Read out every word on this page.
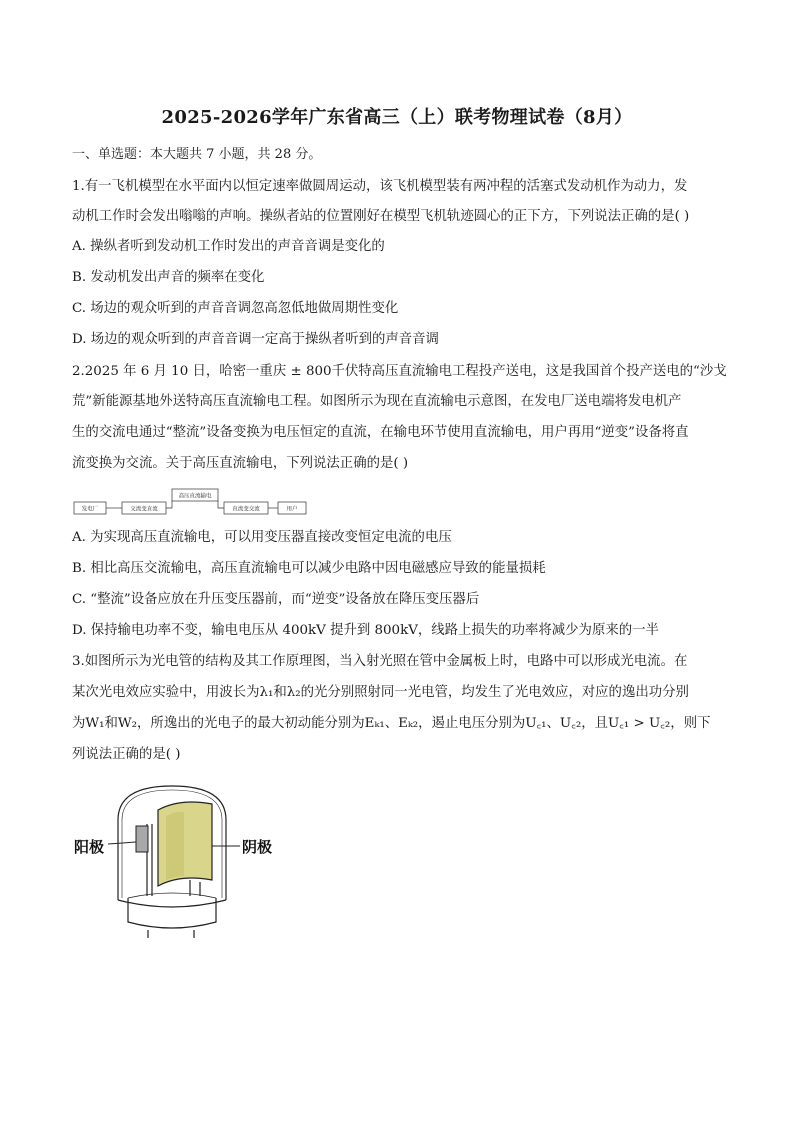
2025-2026学年广东省高三（上）联考物理试卷（8月）
一、单选题：本大题共 7 小题，共 28 分。
1.有一飞机模型在水平面内以恒定速率做圆周运动，该飞机模型装有两冲程的活塞式发动机作为动力，发
动机工作时会发出嗡嗡的声响。操纵者站的位置刚好在模型飞机轨迹圆心的正下方，下列说法正确的是( )
A. 操纵者听到发动机工作时发出的声音音调是变化的
B. 发动机发出声音的频率在变化
C. 场边的观众听到的声音音调忽高忽低地做周期性变化
D. 场边的观众听到的声音音调一定高于操纵者听到的声音音调
2.2025 年 6 月 10 日，哈密一重庆 ± 800千伏特高压直流输电工程投产送电，这是我国首个投产送电的“沙戈
荒”新能源基地外送特高压直流输电工程。如图所示为现在直流输电示意图，在发电厂送电端将发电机产
生的交流电通过“整流”设备变换为电压恒定的直流，在输电环节使用直流输电，用户再用“逆变”设备将直
流变换为交流。关于高压直流输电，下列说法正确的是( )
发电厂	交流变直流
高压直流输电
直流变交流	用户
A. 为实现高压直流输电，可以用变压器直接改变恒定电流的电压
B. 相比高压交流输电，高压直流输电可以减少电路中因电磁感应导致的能量损耗
C. “整流”设备应放在升压变压器前，而“逆变”设备放在降压变压器后
D. 保持输电功率不变，输电电压从 400kV 提升到 800kV，线路上损失的功率将减少为原来的一半
3.如图所示为光电管的结构及其工作原理图，当入射光照在管中金属板上时，电路中可以形成光电流。在
某次光电效应实验中，用波长为λ₁和λ₂的光分别照射同一光电管，均发生了光电效应，对应的逸出功分别
为W₁和W₂，所逸出的光电子的最大初动能分别为Eₖ₁、Eₖ₂，遏止电压分别为U꜀₁、U꜀₂，且U꜀₁ > U꜀₂，则下
列说法正确的是( )
阳极	阴极
